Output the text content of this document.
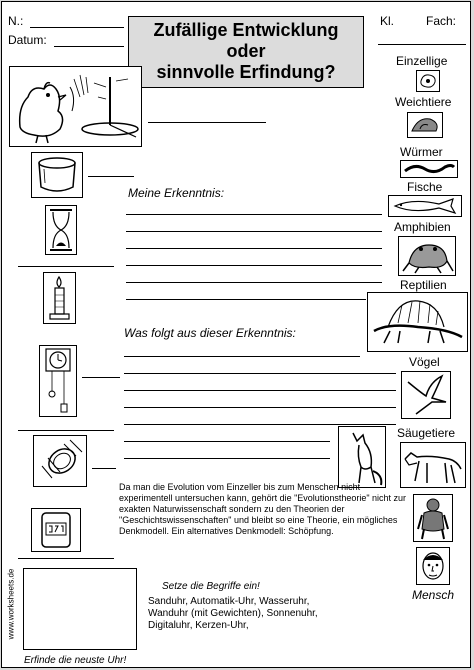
N.:
Datum:
Kl.	Fach:
Zufällige Entwicklung
oder
sinnvolle Erfindung?
Meine Erkenntnis:
Was folgt aus dieser Erkenntnis:
Einzellige
Weichtiere
Würmer
Fische
Amphibien
Reptilien
Vögel
Säugetiere
Mensch
Da man die Evolution vom Einzeller bis zum Menschen nicht experimentell untersuchen kann, gehört die "Evolutionstheorie" nicht zur exakten Naturwissenschaft sondern zu den Theorien der "Geschichtswissenschaften" und bleibt so eine Theorie, ein mögliches Denkmodell. Ein alternatives Denkmodell: Schöpfung.
Erfinde die neuste Uhr!
Setze die Begriffe ein!
Sanduhr, Automatik-Uhr, Wasseruhr, Wanduhr (mit Gewichten), Sonnenuhr, Digitaluhr, Kerzen-Uhr,
www.worksheets.de
